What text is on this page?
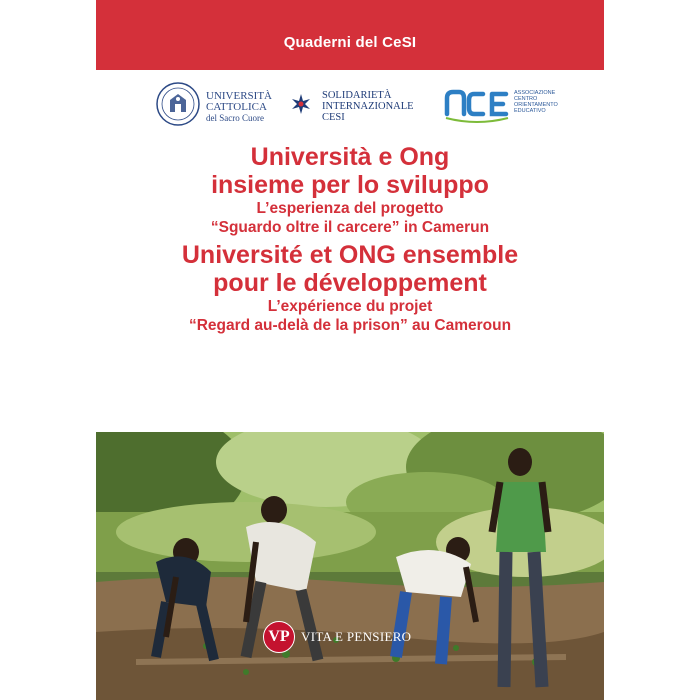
Quaderni del CeSI
UNIVERSITÀ
CATTOLICA
del Sacro Cuore
SOLIDARIETÀ
INTERNAZIONALE
CESI
ASSOCIAZIONE
CENTRO
ORIENTAMENTO
EDUCATIVO

Università e Ong

insieme per lo sviluppo

L’esperienza del progetto

“Sguardo oltre il carcere” in Camerun

Université et ONG ensemble

pour le développement

L’expérience du projet

“Regard au-delà de la prison” au Cameroun

VP VITA E PENSIERO
